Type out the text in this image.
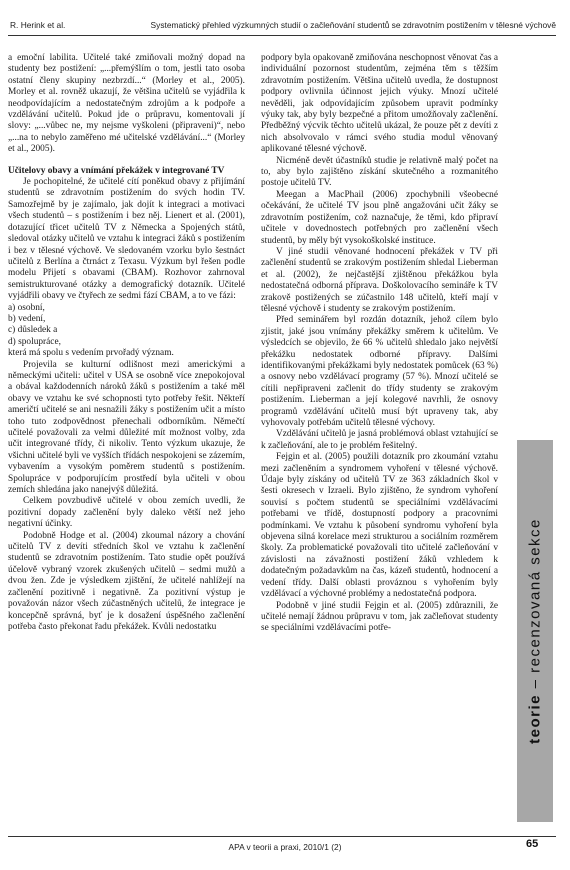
R. Herink et al.	Systematický přehled výzkumných studií o začleňování studentů se zdravotním postižením v tělesné výchově

a emoční labilita. Učitelé také zmiňovali možný dopad na studenty bez postižení: „...přemýšlím o tom, jestli tato osoba ostatní členy skupiny nezbrzdí...“ (Morley et al., 2005). Morley et al. rovněž ukazují, že většina učitelů se vyjádřila k neodpovídajícím a nedostatečným zdrojům a k podpoře a vzdělávání učitelů. Pokud jde o průpravu, komentovali jí slovy: „...vůbec ne, my nejsme vyškoleni (připraveni)“, nebo „...na to nebylo zaměřeno mé učitelské vzdělávání...“ (Morley et al., 2005).

Učitelovy obavy a vnímání překážek v integrované TV

Je pochopitelné, že učitelé cítí poněkud obavy z přijímání studentů se zdravotním postižením do svých hodin TV. Samozřejmě by je zajímalo, jak dojít k integraci a motivaci všech studentů – s postižením i bez něj. Lienert et al. (2001), dotazující třicet učitelů TV z Německa a Spojených států, sledoval otázky učitelů ve vztahu k integraci žáků s postižením i bez v tělesné výchově. Ve sledovaném vzorku bylo šestnáct učitelů z Berlína a čtrnáct z Texasu. Výzkum byl řešen podle modelu Přijetí s obavami (CBAM). Rozhovor zahrnoval semistrukturované otázky a demografický dotazník. Učitelé vyjádřili obavy ve čtyřech ze sedmi fází CBAM, a to ve fázi:

a) osobní,
b) vedení,
c) důsledek a
d) spolupráce,

která má spolu s vedením prvořadý význam.

Projevila se kulturní odlišnost mezi americkými a německými učiteli: učitel v USA se osobně více znepokojoval a obával každodenních nároků žáků s postižením a také měl obavy ve vztahu ke své schopnosti tyto potřeby řešit. Někteří američtí učitelé se ani nesnažili žáky s postižením učit a místo toho tuto zodpovědnost přenechali odborníkům. Němečtí učitelé považovali za velmi důležité mít možnost volby, zda učit integrované třídy, či nikoliv. Tento výzkum ukazuje, že všichni učitelé byli ve vyšších třídách nespokojeni se zázemím, vybavením a vysokým poměrem studentů s postižením. Spolupráce v podporujícím prostředí byla učiteli v obou zemích shledána jako nanejvýš důležitá.

Celkem povzbudivě učitelé v obou zemích uvedli, že pozitivní dopady začlenění byly daleko větší než jeho negativní účinky.

Podobně Hodge et al. (2004) zkoumal názory a chování učitelů TV z devíti středních škol ve vztahu k začlenění studentů se zdravotním postižením. Tato studie opět používá účelově vybraný vzorek zkušených učitelů – sedmi mužů a dvou žen. Zde je výsledkem zjištění, že učitelé nahlížejí na začlenění pozitivně i negativně. Za pozitivní výstup je považován názor všech zúčastněných učitelů, že integrace je koncepčně správná, byť je k dosažení úspěšného začlenění potřeba často překonat řadu překážek. Kvůli nedostatku

podpory byla opakovaně zmiňována neschopnost věnovat čas a individuální pozornost studentům, zejména těm s těžším zdravotním postižením. Většina učitelů uvedla, že dostupnost podpory ovlivnila účinnost jejich výuky. Mnozí učitelé nevěděli, jak odpovídajícím způsobem upravit podmínky výuky tak, aby byly bezpečné a přitom umožňovaly začlenění. Předběžný výcvik těchto učitelů ukázal, že pouze pět z devíti z nich absolvovalo v rámci svého studia modul věnovaný aplikované tělesné výchově.

Nicméně devět účastníků studie je relativně malý počet na to, aby bylo zajištěno získání skutečného a rozmanitého postoje učitelů TV.

Meegan a MacPhail (2006) zpochybnili všeobecné očekávání, že učitelé TV jsou plně angažováni učit žáky se zdravotním postižením, což naznačuje, že těmi, kdo připraví učitele v dovednostech potřebných pro začlenění všech studentů, by měly být vysokoškolské instituce.

V jiné studii věnované hodnocení překážek v TV při začlenění studentů se zrakovým postižením shledal Lieberman et al. (2002), že nejčastější zjištěnou překážkou byla nedostatečná odborná příprava. Doškolovacího semináře k TV zrakově postižených se zúčastnilo 148 učitelů, kteří mají v tělesné výchově i studenty se zrakovým postižením.

Před seminářem byl rozdán dotazník, jehož cílem bylo zjistit, jaké jsou vnímány překážky směrem k učitelům. Ve výsledcích se objevilo, že 66 % učitelů shledalo jako největší překážku nedostatek odborné přípravy. Dalšími identifikovanými překážkami byly nedostatek pomůcek (63 %) a osnovy nebo vzdělávací programy (57 %). Mnozí učitelé se cítili nepřipraveni začlenit do třídy studenty se zrakovým postižením. Lieberman a její kolegové navrhli, že osnovy programů vzdělávání učitelů musí být upraveny tak, aby vyhovovaly potřebám učitelů tělesné výchovy.

Vzdělávání učitelů je jasná problémová oblast vztahující se k začleňování, ale to je problém řešitelný.

Fejgin et al. (2005) použili dotazník pro zkoumání vztahu mezi začleněním a syndromem vyhoření v tělesné výchově. Údaje byly získány od učitelů TV ze 363 základních škol v šesti okresech v Izraeli. Bylo zjištěno, že syndrom vyhoření souvisí s počtem studentů se speciálními vzdělávacími potřebami ve třídě, dostupností podpory a pracovními podmínkami. Ve vztahu k působení syndromu vyhoření byla objevena silná korelace mezi strukturou a sociálním rozměrem školy. Za problematické považovali tito učitelé začleňování v závislosti na závažnosti postižení žáků vzhledem k dodatečným požadavkům na čas, kázeň studentů, hodnocení a vedení třídy. Další oblasti prováznou s vyhořením byly vzdělávací a výchovné problémy a nedostatečná podpora.

Podobně v jiné studii Fejgin et al. (2005) zdůraznili, že učitelé nemají žádnou průpravu v tom, jak začleňovat studenty se speciálními vzdělávacími potře-

teorie – recenzovaná sekce
APA v teorii a praxi, 2010/1 (2)	65
